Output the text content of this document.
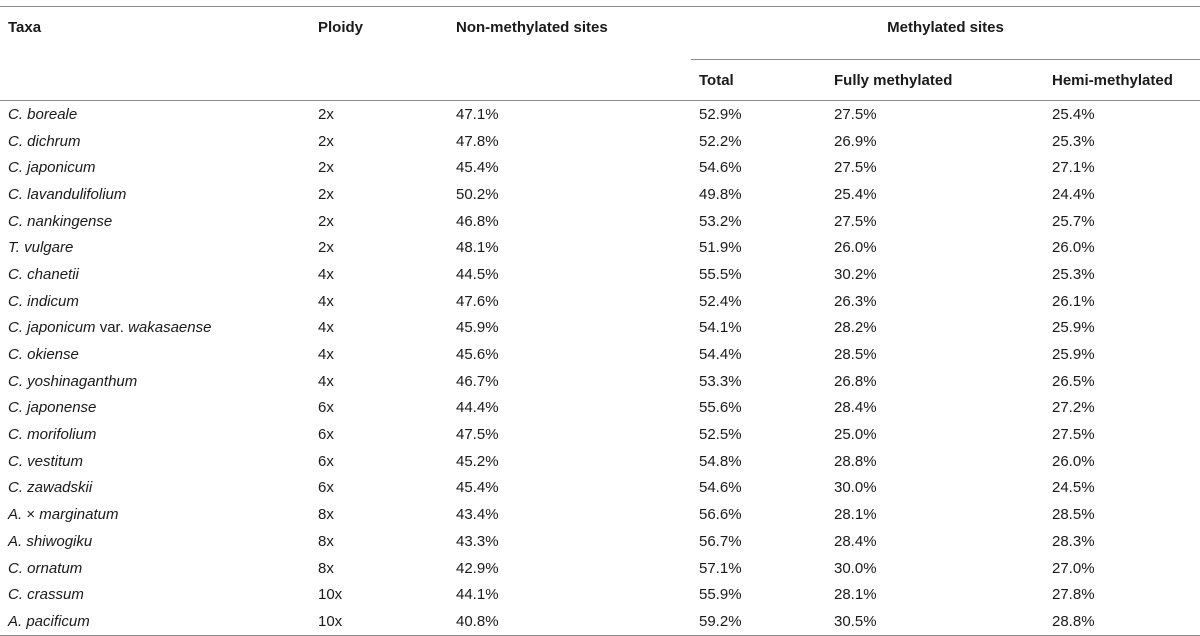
Taxa	Ploidy	Non-methylated sites	Methylated sites		
			Total	Fully methylated	Hemi-methylated
C. boreale	2x	47.1%	52.9%	27.5%	25.4%
C. dichrum	2x	47.8%	52.2%	26.9%	25.3%
C. japonicum	2x	45.4%	54.6%	27.5%	27.1%
C. lavandulifolium	2x	50.2%	49.8%	25.4%	24.4%
C. nankingense	2x	46.8%	53.2%	27.5%	25.7%
T. vulgare	2x	48.1%	51.9%	26.0%	26.0%
C. chanetii	4x	44.5%	55.5%	30.2%	25.3%
C. indicum	4x	47.6%	52.4%	26.3%	26.1%
C. japonicum var. wakasaense	4x	45.9%	54.1%	28.2%	25.9%
C. okiense	4x	45.6%	54.4%	28.5%	25.9%
C. yoshinaganthum	4x	46.7%	53.3%	26.8%	26.5%
C. japonense	6x	44.4%	55.6%	28.4%	27.2%
C. morifolium	6x	47.5%	52.5%	25.0%	27.5%
C. vestitum	6x	45.2%	54.8%	28.8%	26.0%
C. zawadskii	6x	45.4%	54.6%	30.0%	24.5%
A. × marginatum	8x	43.4%	56.6%	28.1%	28.5%
A. shiwogiku	8x	43.3%	56.7%	28.4%	28.3%
C. ornatum	8x	42.9%	57.1%	30.0%	27.0%
C. crassum	10x	44.1%	55.9%	28.1%	27.8%
A. pacificum	10x	40.8%	59.2%	30.5%	28.8%
